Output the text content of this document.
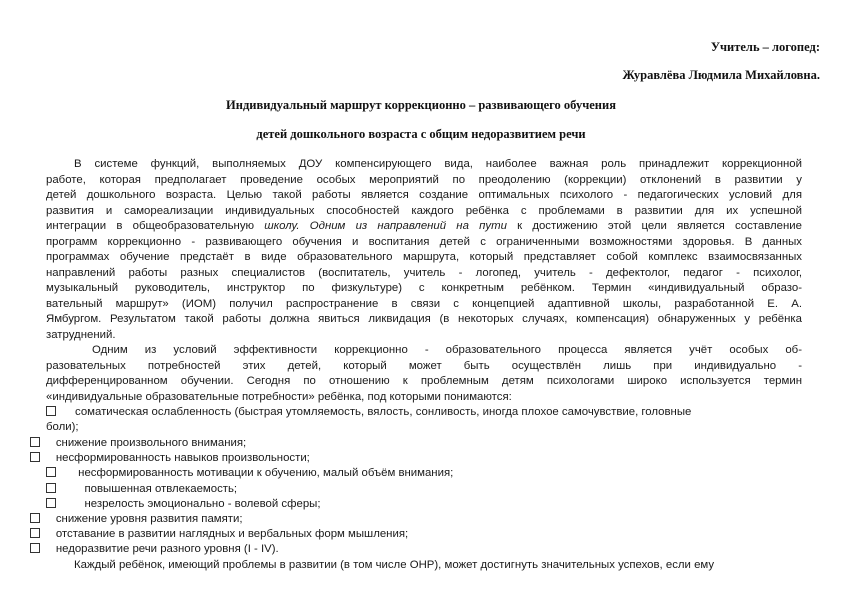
Учитель – логопед:
Журавлёва Людмила Михайловна.
Индивидуальный маршрут коррекционно – развивающего обучения
детей дошкольного возраста с общим недоразвитием речи
В системе функций, выполняемых ДОУ компенсирующего вида, наиболее важная роль принадлежит коррекционной
работе, которая предполагает проведение особых мероприятий по преодолению (коррекции) отклонений в развитии у
детей дошкольного возраста. Целью такой работы является создание оптимальных психолого - педагогических условий для
развития и самореализации индивидуальных способностей каждого ребёнка с проблемами в развитии для их успешной
интеграции в общеобразовательную школу. Одним из направлений на пути к достижению этой цели является составление
программ коррекционно - развивающего обучения и воспитания детей с ограниченными возможностями здоровья. В данных
программах обучение предстаёт в виде образовательного маршрута, который представляет собой комплекс взаимосвязанных
направлений работы разных специалистов (воспитатель, учитель - логопед, учитель - дефектолог, педагог - психолог,
музыкальный руководитель, инструктор по физкультуре) с конкретным ребёнком. Термин «индивидуальный образо-
вательный маршрут» (ИОМ) получил распространение в связи с концепцией адаптивной школы, разработанной Е. А.
Ямбургом. Результатом такой работы должна явиться ликвидация (в некоторых случаях, компенсация) обнаруженных у ребёнка
затруднений.
Одним из условий эффективности коррекционно - образовательного процесса является учёт особых об-
разовательных потребностей этих детей, который может быть осуществлён лишь при индивидуально -
дифференцированном обучении. Сегодня по отношению к проблемным детям психологами широко используется термин
«индивидуальные образовательные потребности» ребёнка, под которыми понимаются:
соматическая ослабленность (быстрая утомляемость, вялость, сонливость, иногда плохое самочувствие, головные
боли);
снижение произвольного внимания;
несформированность навыков произвольности;
несформированность мотивации к обучению, малый объём внимания;
повышенная отвлекаемость;
незрелость эмоционально - волевой сферы;
снижение уровня развития памяти;
отставание в развитии наглядных и вербальных форм мышления;
недоразвитие речи разного уровня (I - IV).
Каждый ребёнок, имеющий проблемы в развитии (в том числе ОНР), может достигнуть значительных успехов, если ему
